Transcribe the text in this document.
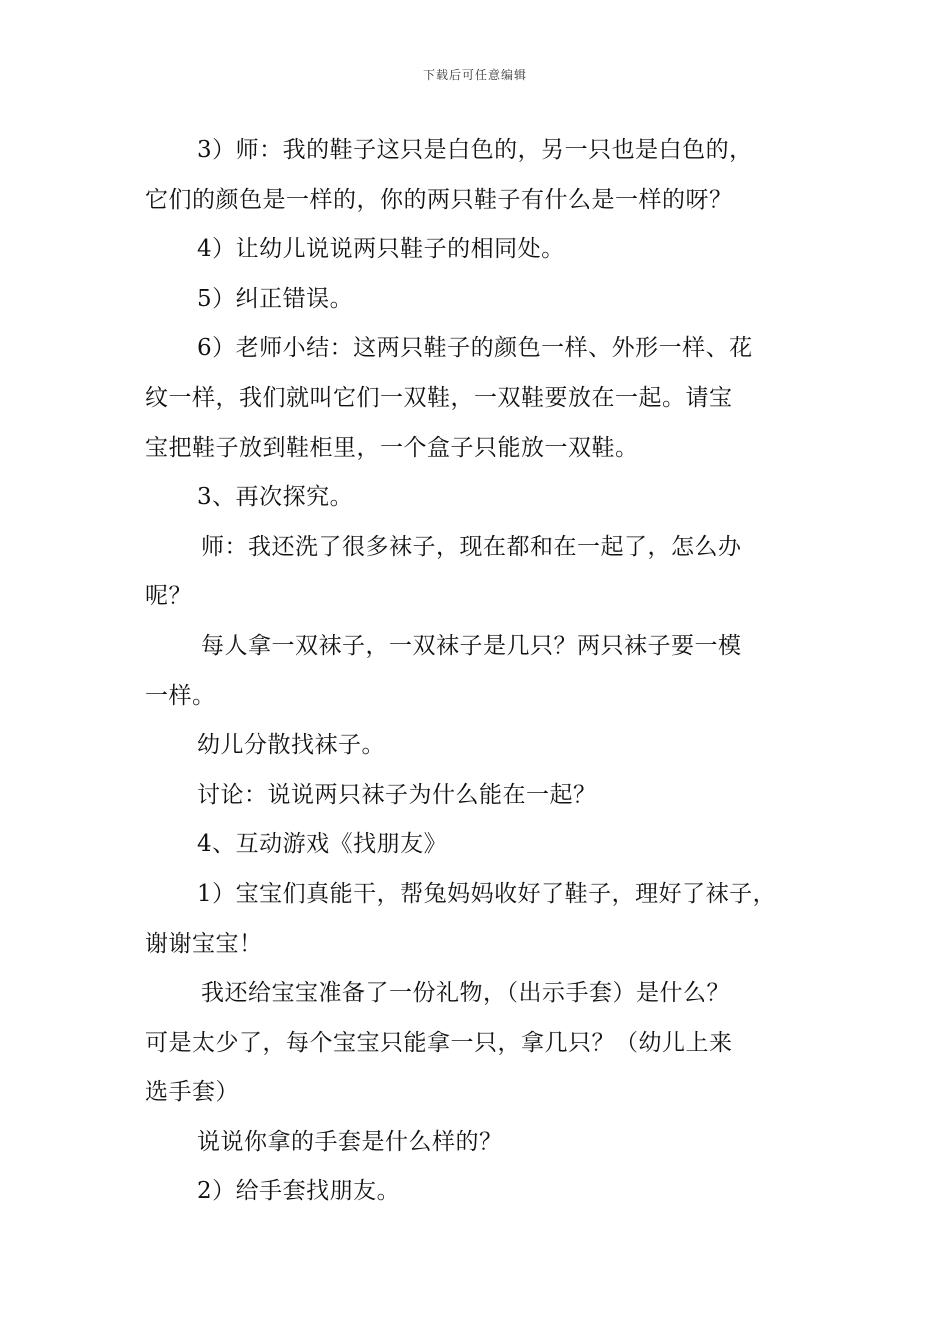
下载后可任意编辑
3）师：我的鞋子这只是白色的，另一只也是白色的，
它们的颜色是一样的，你的两只鞋子有什么是一样的呀？
4）让幼儿说说两只鞋子的相同处。
5）纠正错误。
6）老师小结：这两只鞋子的颜色一样、外形一样、花
纹一样，我们就叫它们一双鞋，一双鞋要放在一起。请宝
宝把鞋子放到鞋柜里，一个盒子只能放一双鞋。
3、再次探究。
师：我还洗了很多袜子，现在都和在一起了，怎么办
呢？
每人拿一双袜子，一双袜子是几只？两只袜子要一模
一样。
幼儿分散找袜子。
讨论：说说两只袜子为什么能在一起？
4、互动游戏《找朋友》
1）宝宝们真能干，帮兔妈妈收好了鞋子，理好了袜子，
谢谢宝宝！
我还给宝宝准备了一份礼物，（出示手套）是什么？
可是太少了，每个宝宝只能拿一只，拿几只？（幼儿上来
选手套）
说说你拿的手套是什么样的？
2）给手套找朋友。
